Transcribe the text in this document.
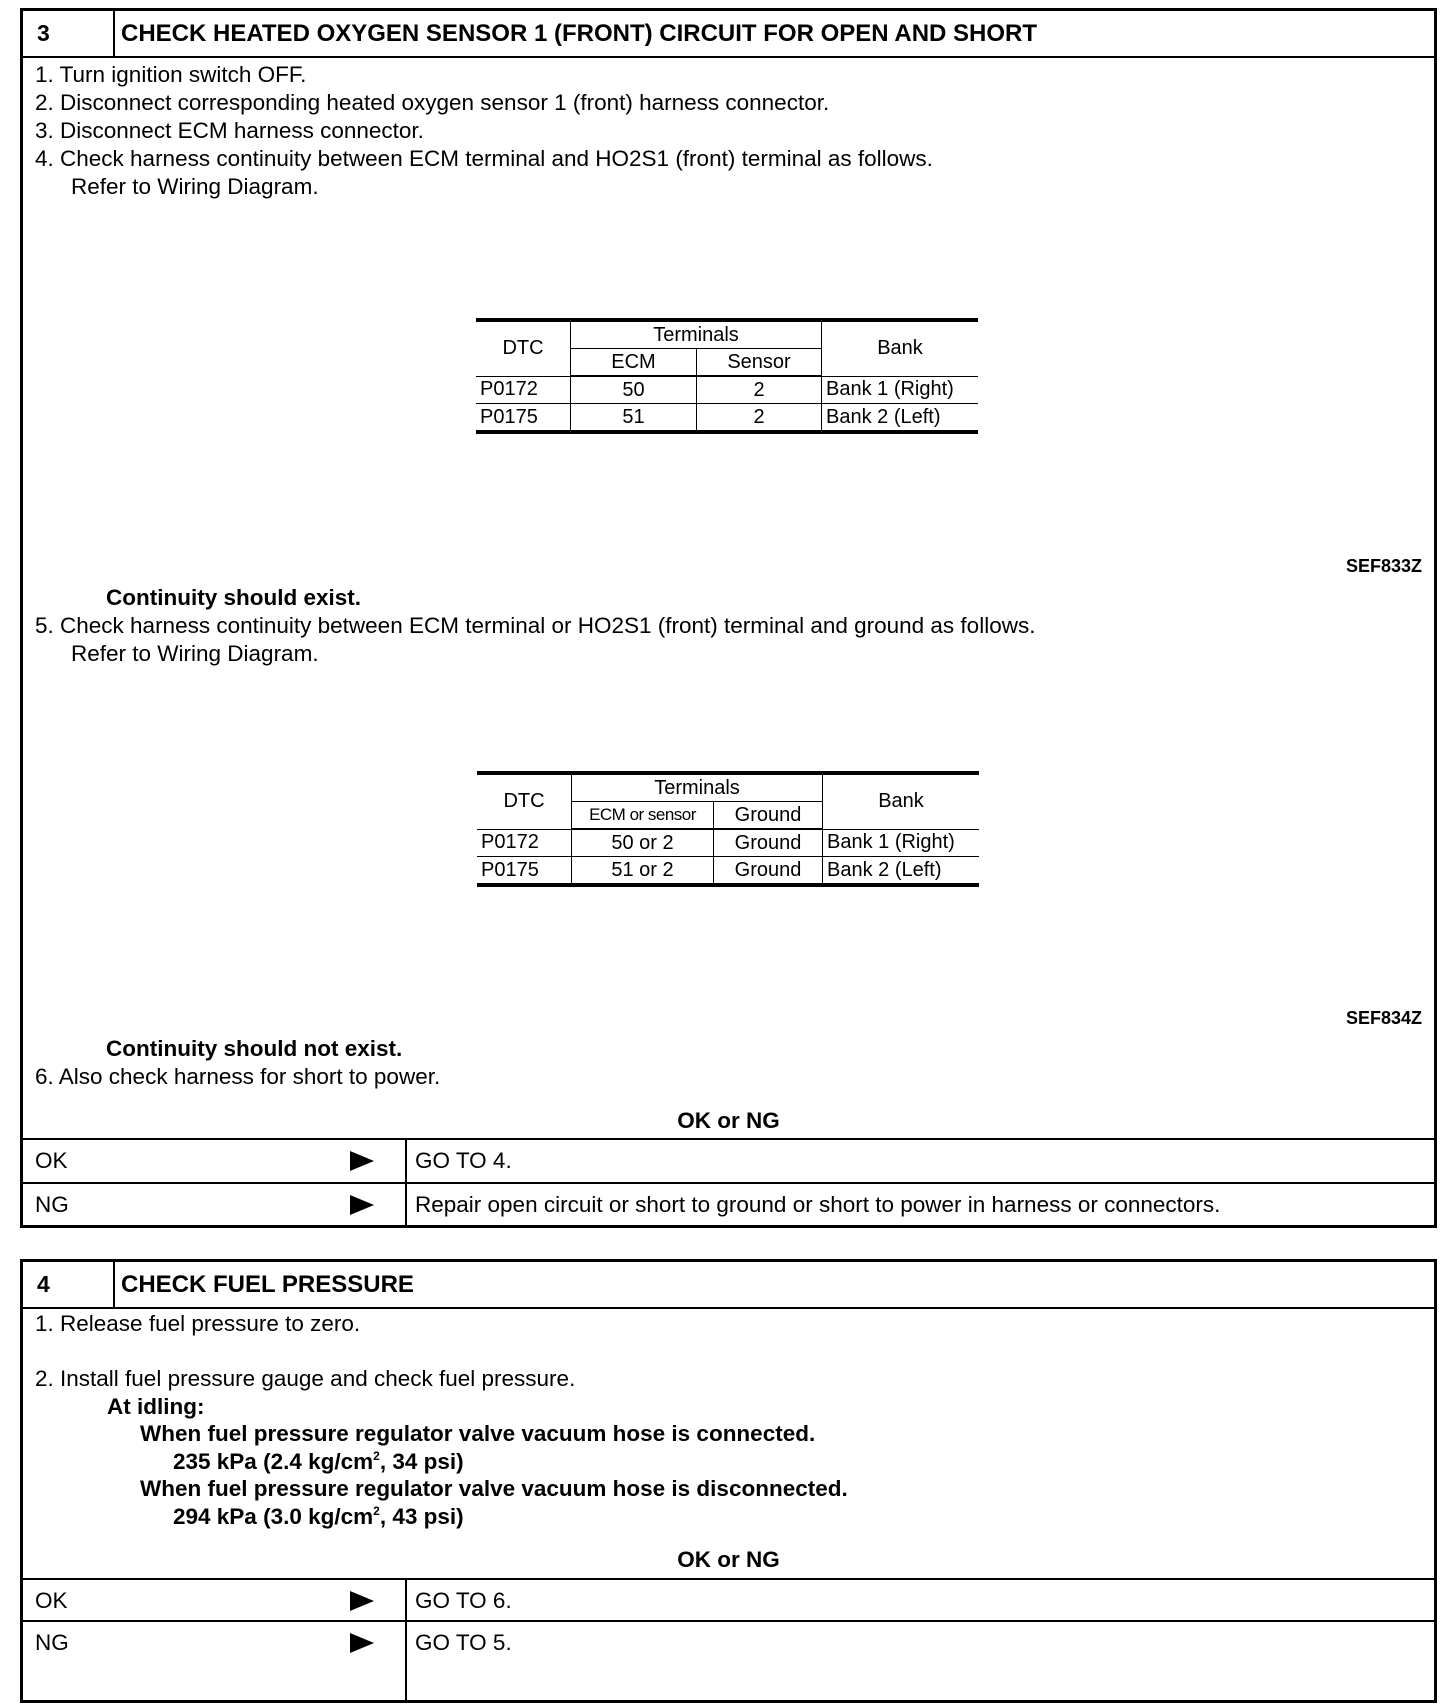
3	CHECK HEATED OXYGEN SENSOR 1 (FRONT) CIRCUIT FOR OPEN AND SHORT
1. Turn ignition switch OFF.
2. Disconnect corresponding heated oxygen sensor 1 (front) harness connector.
3. Disconnect ECM harness connector.
4. Check harness continuity between ECM terminal and HO2S1 (front) terminal as follows.
Refer to Wiring Diagram.
DTC	Terminals		Bank
	ECM	Sensor	
P0172	50	2	Bank 1 (Right)
P0175	51	2	Bank 2 (Left)
SEF833Z
Continuity should exist.
5. Check harness continuity between ECM terminal or HO2S1 (front) terminal and ground as follows.
Refer to Wiring Diagram.
DTC	Terminals		Bank
	ECM or sensor	Ground	
P0172	50 or 2	Ground	Bank 1 (Right)
P0175	51 or 2	Ground	Bank 2 (Left)
SEF834Z
Continuity should not exist.
6. Also check harness for short to power.
OK or NG
OK	GO TO 4.
NG	Repair open circuit or short to ground or short to power in harness or connectors.
4	CHECK FUEL PRESSURE
1. Release fuel pressure to zero.
2. Install fuel pressure gauge and check fuel pressure.
At idling:
When fuel pressure regulator valve vacuum hose is connected.
235 kPa (2.4 $kg/cm^2$, 34 psi)
When fuel pressure regulator valve vacuum hose is disconnected.
294 kPa (3.0 $kg/cm^2$, 43 psi)
OK or NG
OK	GO TO 6.
NG	GO TO 5.
